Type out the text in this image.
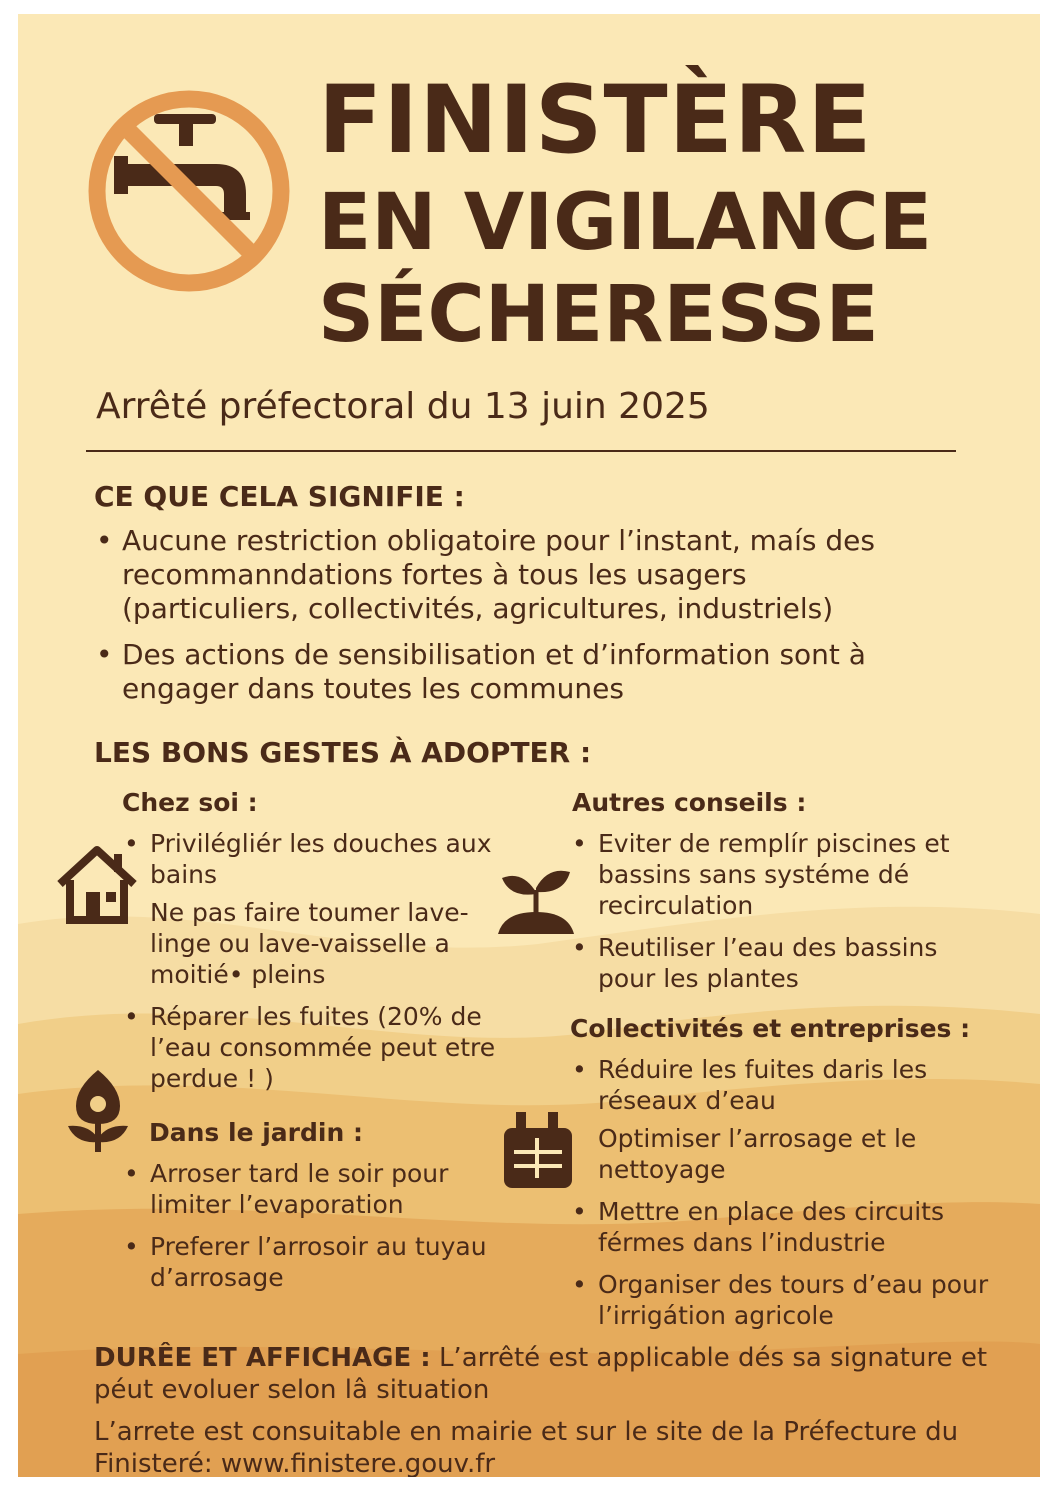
FINISTÈRE
EN VIGILANCE
SÉCHERESSE
Arrêté préfectoral du 13 juin 2025
CE QUE CELA SIGNIFIE :
• Aucune restriction obligatoire pour l’instant, maís des recommanndations fortes à tous les usagers (particuliers, collectivités, agricultures, industriels)
• Des actions de sensibilisation et d’information sont à engager dans toutes les communes
LES BONS GESTES À ADOPTER :
Chez soi :
• Privilégliér les douches aux bains
Ne pas faire toumer lave-linge ou lave-vaisselle a moitié• pleins
• Réparer les fuites (20% de l’eau consommée peut etre perdue ! )
Dans le jardin :
• Arroser tard le soir pour limiter l’evaporation
• Preferer l’arrosoir au tuyau d’arrosage
Autres conseils :
• Eviter de remplír piscines et bassins sans systéme dé recirculation
• Reutiliser l’eau des bassins pour les plantes
Collectivités et entreprises :
• Réduire les fuites daris les réseaux d’eau
Optimiser l’arrosage et le nettoyage
• Mettre en place des circuits férmes dans l’industrie
• Organiser des tours d’eau pour l’irrigátion agricole
DURÊE ET AFFICHAGE : L’arrêté est applicable dés sa signature et péut evoluer selon lâ situation
L’arrete est consuitable en mairie et sur le site de la Préfecture du Finisteré: www.finistere.gouv.fr
